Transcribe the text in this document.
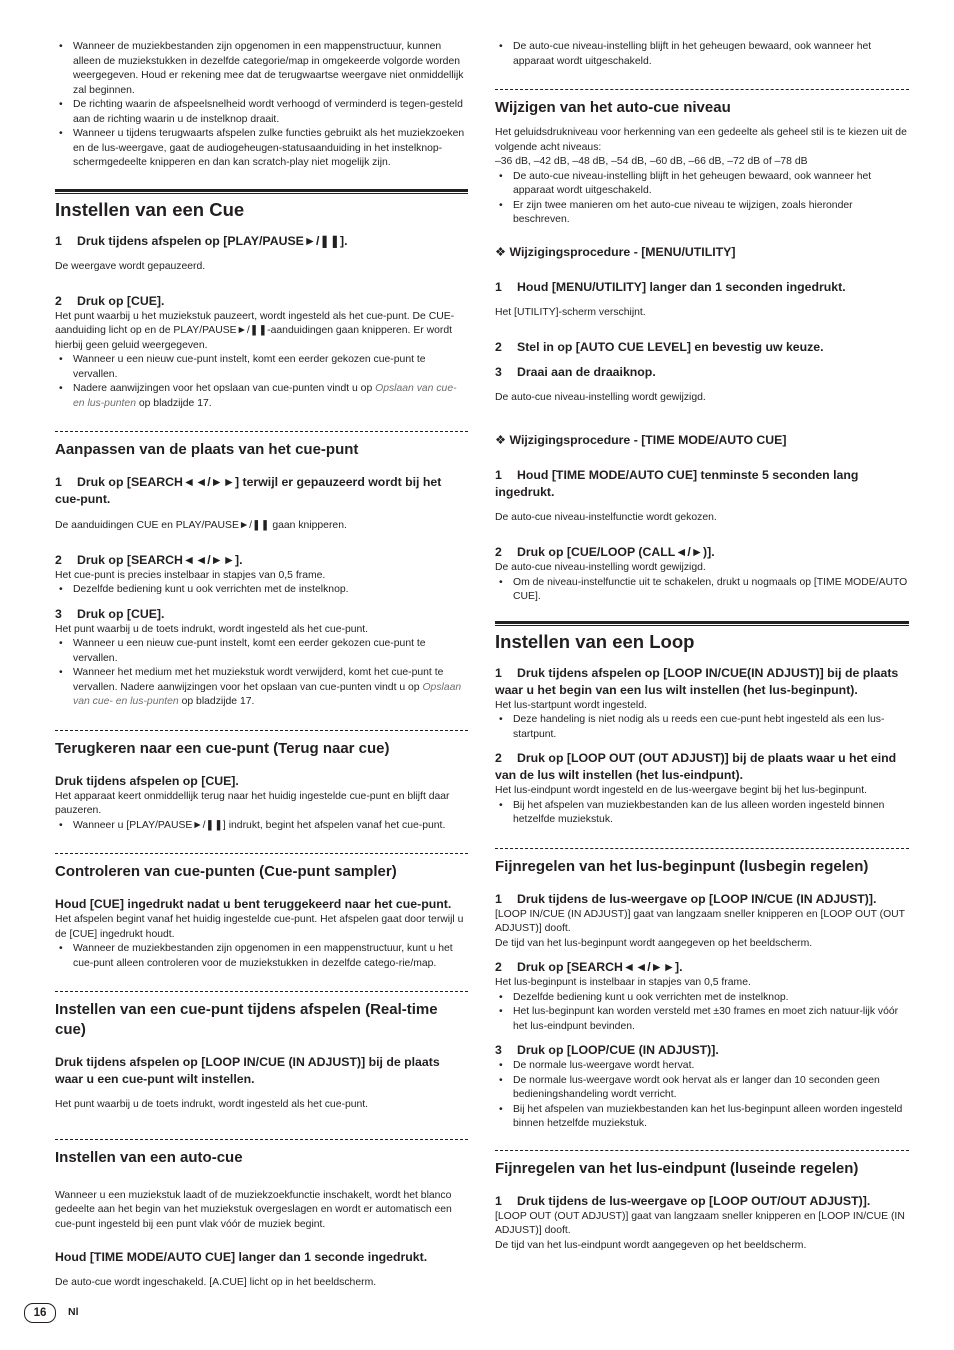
• Wanneer de muziekbestanden zijn opgenomen in een mappenstructuur, kunnen alleen de muziekstukken in dezelfde categorie/map in omgekeerde volgorde worden weergegeven. Houd er rekening mee dat de terugwaartse weergave niet onmiddellijk zal beginnen.
• De richting waarin de afspeelsnelheid wordt verhoogd of verminderd is tegen-gesteld aan de richting waarin u de instelknop draait.
• Wanneer u tijdens terugwaarts afspelen zulke functies gebruikt als het muziekzoeken en de lus-weergave, gaat de audiogeheugen-statusaanduiding in het instelknop-schermgedeelte knipperen en dan kan scratch-play niet mogelijk zijn.
Instellen van een Cue
1 Druk tijdens afspelen op [PLAY/PAUSE►/❚❚].

De weergave wordt gepauzeerd.

2 Druk op [CUE].

Het punt waarbij u het muziekstuk pauzeert, wordt ingesteld als het cue-punt. De CUE-aanduiding licht op en de PLAY/PAUSE►/❚❚-aanduidingen gaan knipperen. Er wordt hierbij geen geluid weergegeven.

• Wanneer u een nieuw cue-punt instelt, komt een eerder gekozen cue-punt te vervallen.
• Nadere aanwijzingen voor het opslaan van cue-punten vindt u op Opslaan van cue- en lus-punten op bladzijde 17.
Aanpassen van de plaats van het cue-punt
1 Druk op [SEARCH◄◄/►►] terwijl er gepauzeerd wordt bij het cue-punt.

De aanduidingen CUE en PLAY/PAUSE►/❚❚ gaan knipperen.

2 Druk op [SEARCH◄◄/►►].

Het cue-punt is precies instelbaar in stapjes van 0,5 frame.

• Dezelfde bediening kunt u ook verrichten met de instelknop.
3 Druk op [CUE].

Het punt waarbij u de toets indrukt, wordt ingesteld als het cue-punt.

• Wanneer u een nieuw cue-punt instelt, komt een eerder gekozen cue-punt te vervallen.
• Wanneer het medium met het muziekstuk wordt verwijderd, komt het cue-punt te vervallen. Nadere aanwijzingen voor het opslaan van cue-punten vindt u op Opslaan van cue- en lus-punten op bladzijde 17.
Terugkeren naar een cue-punt (Terug naar cue)
Druk tijdens afspelen op [CUE].

Het apparaat keert onmiddellijk terug naar het huidig ingestelde cue-punt en blijft daar pauzeren.

• Wanneer u [PLAY/PAUSE►/❚❚] indrukt, begint het afspelen vanaf het cue-punt.
Controleren van cue-punten (Cue-punt sampler)
Houd [CUE] ingedrukt nadat u bent teruggekeerd naar het cue-punt.

Het afspelen begint vanaf het huidig ingestelde cue-punt. Het afspelen gaat door terwijl u de [CUE] ingedrukt houdt.

• Wanneer de muziekbestanden zijn opgenomen in een mappenstructuur, kunt u het cue-punt alleen controleren voor de muziekstukken in dezelfde catego-rie/map.
Instellen van een cue-punt tijdens afspelen (Real-time cue)
Druk tijdens afspelen op [LOOP IN/CUE (IN ADJUST)] bij de plaats waar u een cue-punt wilt instellen.

Het punt waarbij u de toets indrukt, wordt ingesteld als het cue-punt.

Instellen van een auto-cue

Wanneer u een muziekstuk laadt of de muziekzoekfunctie inschakelt, wordt het blanco gedeelte aan het begin van het muziekstuk overgeslagen en wordt er automatisch een cue-punt ingesteld bij een punt vlak vóór de muziek begint.

Houd [TIME MODE/AUTO CUE] langer dan 1 seconde ingedrukt.

De auto-cue wordt ingeschakeld. [A.CUE] licht op in het beeldscherm.

• De auto-cue niveau-instelling blijft in het geheugen bewaard, ook wanneer het apparaat wordt uitgeschakeld.
Wijzigen van het auto-cue niveau

Het geluidsdrukniveau voor herkenning van een gedeelte als geheel stil is te kiezen uit de volgende acht niveaus:

–36 dB, –42 dB, –48 dB, –54 dB, –60 dB, –66 dB, –72 dB of –78 dB

• De auto-cue niveau-instelling blijft in het geheugen bewaard, ook wanneer het apparaat wordt uitgeschakeld.
• Er zijn twee manieren om het auto-cue niveau te wijzigen, zoals hieronder beschreven.
❖ Wijzigingsprocedure - [MENU/UTILITY]
1 Houd [MENU/UTILITY] langer dan 1 seconden ingedrukt.

Het [UTILITY]-scherm verschijnt.

2 Stel in op [AUTO CUE LEVEL] en bevestig uw keuze.
3 Draai aan de draaiknop.

De auto-cue niveau-instelling wordt gewijzigd.

❖ Wijzigingsprocedure - [TIME MODE/AUTO CUE]
1 Houd [TIME MODE/AUTO CUE] tenminste 5 seconden lang ingedrukt.

De auto-cue niveau-instelfunctie wordt gekozen.

2 Druk op [CUE/LOOP (CALL◄/►)].

De auto-cue niveau-instelling wordt gewijzigd.

• Om de niveau-instelfunctie uit te schakelen, drukt u nogmaals op [TIME MODE/AUTO CUE].
Instellen van een Loop
1 Druk tijdens afspelen op [LOOP IN/CUE(IN ADJUST)] bij de plaats waar u het begin van een lus wilt instellen (het lus-beginpunt).

Het lus-startpunt wordt ingesteld.

• Deze handeling is niet nodig als u reeds een cue-punt hebt ingesteld als een lus-startpunt.
2 Druk op [LOOP OUT (OUT ADJUST)] bij de plaats waar u het eind van de lus wilt instellen (het lus-eindpunt).

Het lus-eindpunt wordt ingesteld en de lus-weergave begint bij het lus-beginpunt.

• Bij het afspelen van muziekbestanden kan de lus alleen worden ingesteld binnen hetzelfde muziekstuk.
Fijnregelen van het lus-beginpunt (lusbegin regelen)
1 Druk tijdens de lus-weergave op [LOOP IN/CUE (IN ADJUST)].

[LOOP IN/CUE (IN ADJUST)] gaat van langzaam sneller knipperen en [LOOP OUT (OUT ADJUST)] dooft.

De tijd van het lus-beginpunt wordt aangegeven op het beeldscherm.

2 Druk op [SEARCH◄◄/►►].

Het lus-beginpunt is instelbaar in stapjes van 0,5 frame.

• Dezelfde bediening kunt u ook verrichten met de instelknop.
• Het lus-beginpunt kan worden versteld met ±30 frames en moet zich natuur-lijk vóór het lus-eindpunt bevinden.
3 Druk op [LOOP/CUE (IN ADJUST)].
• De normale lus-weergave wordt hervat.
• De normale lus-weergave wordt ook hervat als er langer dan 10 seconden geen bedieningshandeling wordt verricht.
• Bij het afspelen van muziekbestanden kan het lus-beginpunt alleen worden ingesteld binnen hetzelfde muziekstuk.
Fijnregelen van het lus-eindpunt (luseinde regelen)
1 Druk tijdens de lus-weergave op [LOOP OUT/OUT ADJUST)].

[LOOP OUT (OUT ADJUST)] gaat van langzaam sneller knipperen en [LOOP IN/CUE (IN ADJUST)] dooft.

De tijd van het lus-eindpunt wordt aangegeven op het beeldscherm.

16	Nl
